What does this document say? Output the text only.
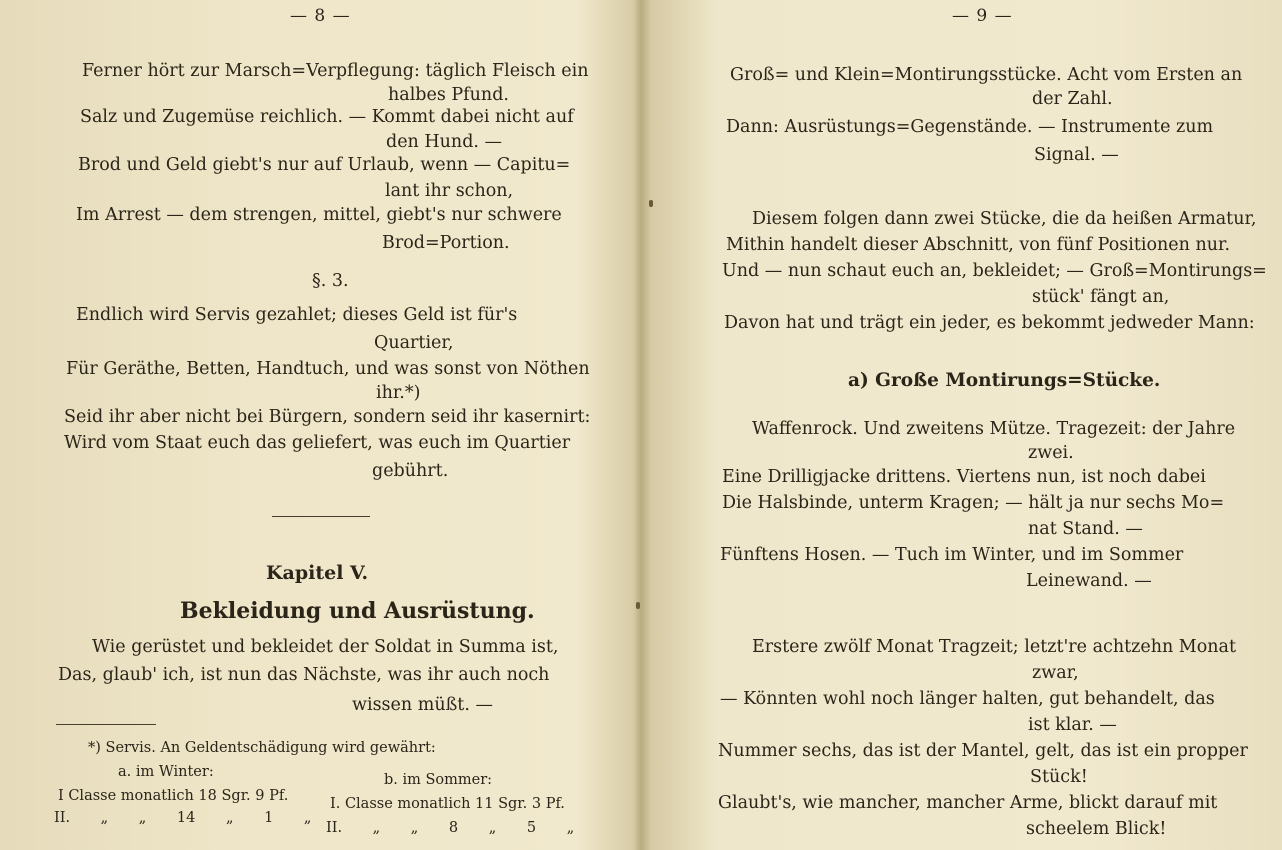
— 8 —
Ferner hört zur Marsch=Verpflegung: täglich Fleisch ein
halbes Pfund.
Salz und Zugemüse reichlich. — Kommt dabei nicht auf
den Hund. —
Brod und Geld giebt's nur auf Urlaub, wenn — Capitu=
lant ihr schon,
Im Arrest — dem strengen, mittel, giebt's nur schwere
Brod=Portion.
§. 3.
Endlich wird Servis gezahlet; dieses Geld ist für's
Quartier,
Für Geräthe, Betten, Handtuch, und was sonst von Nöthen
ihr.*)
Seid ihr aber nicht bei Bürgern, sondern seid ihr kasernirt:
Wird vom Staat euch das geliefert, was euch im Quartier
gebührt.
Kapitel V.
Bekleidung und Ausrüstung.
Wie gerüstet und bekleidet der Soldat in Summa ist,
Das, glaub' ich, ist nun das Nächste, was ihr auch noch
wissen müßt. —
*) Servis. An Geldentschädigung wird gewährt:
a. im Winter:	b. im Sommer:
I Classe monatlich 18 Sgr. 9 Pf.	I. Classe monatlich 11 Sgr. 3 Pf.
II. „ „ 14 „ 1 „
II. „ „ 8 „ 5 „
— 9 —
Groß= und Klein=Montirungsstücke. Acht vom Ersten an
der Zahl.
Dann: Ausrüstungs=Gegenstände. — Instrumente zum
Signal. —
Diesem folgen dann zwei Stücke, die da heißen Armatur,
Mithin handelt dieser Abschnitt, von fünf Positionen nur.
Und — nun schaut euch an, bekleidet; — Groß=Montirungs=
stück' fängt an,
Davon hat und trägt ein jeder, es bekommt jedweder Mann:
a) Große Montirungs=Stücke.
Waffenrock. Und zweitens Mütze. Tragezeit: der Jahre
zwei.
Eine Drilligjacke drittens. Viertens nun, ist noch dabei
Die Halsbinde, unterm Kragen; — hält ja nur sechs Mo=
nat Stand. —
Fünftens Hosen. — Tuch im Winter, und im Sommer
Leinewand. —
Erstere zwölf Monat Tragzeit; letzt're achtzehn Monat
zwar,
— Könnten wohl noch länger halten, gut behandelt, das
ist klar. —
Nummer sechs, das ist der Mantel, gelt, das ist ein propper
Stück!
Glaubt's, wie mancher, mancher Arme, blickt darauf mit
scheelem Blick!
